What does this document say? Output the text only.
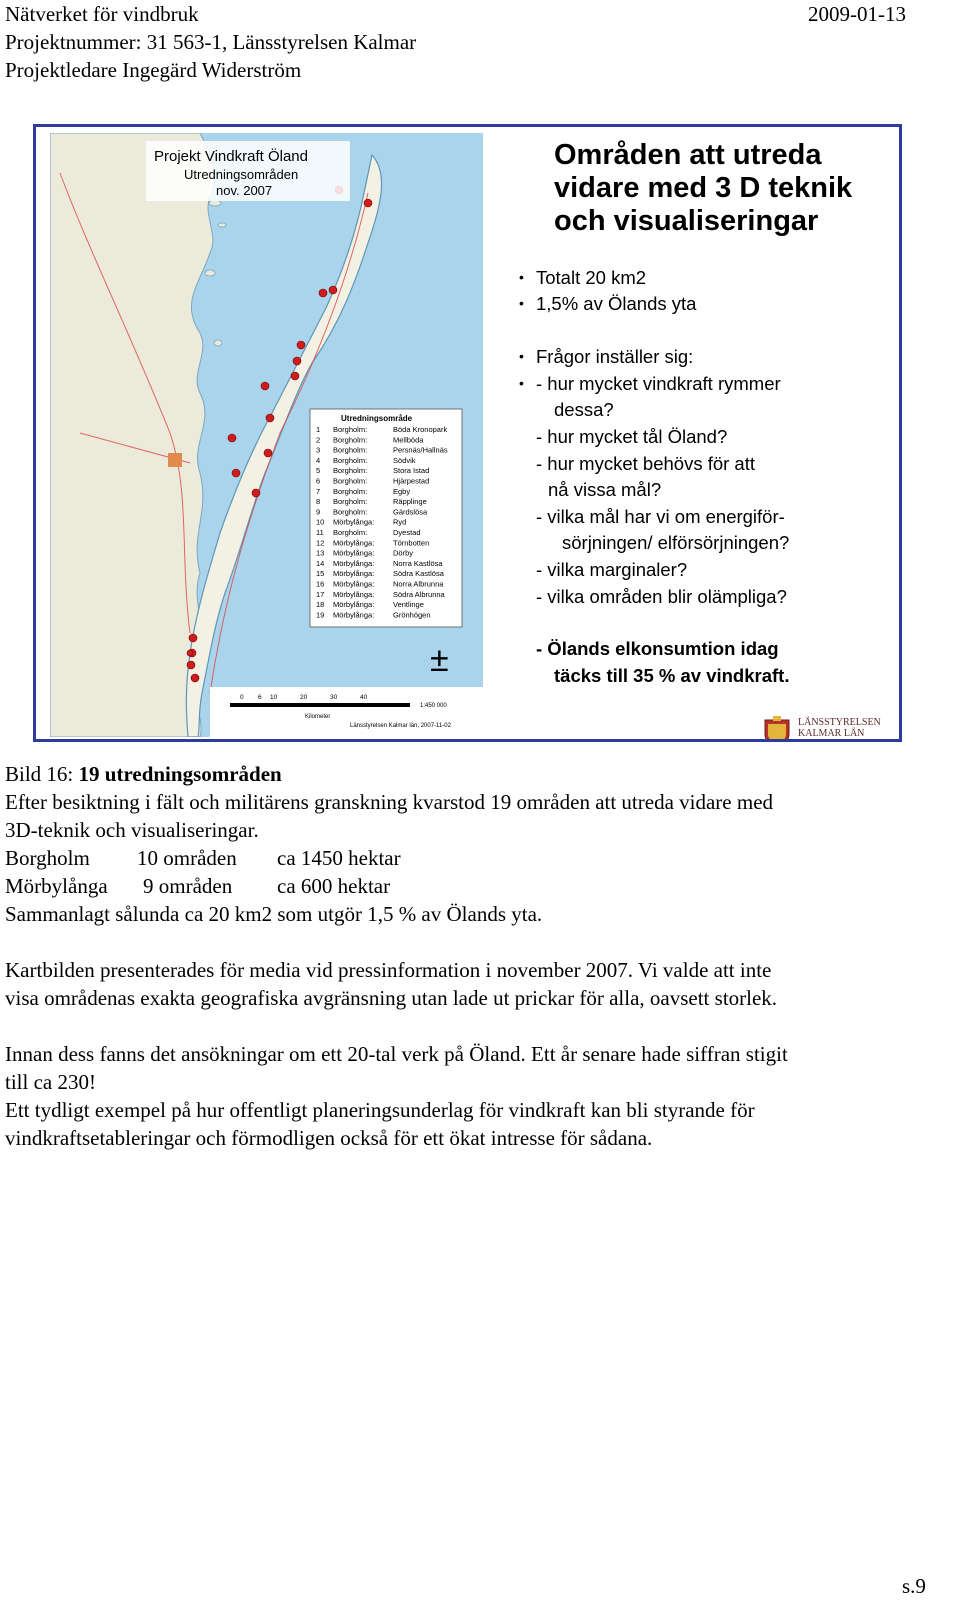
Nätverket för vindbruk	2009-01-13
Projektnummer: 31 563-1, Länsstyrelsen Kalmar
Projektledare Ingegärd Widerström
Projekt Vindkraft Öland
Utredningsområden
nov. 2007
Utredningsområde
1 Borgholm:	Böda Kronopark
2 Borgholm:	Mellböda
3 Borgholm:	Persnäs/Hallnäs
4 Borgholm:	Södvik
5 Borgholm:	Stora Istad
6 Borgholm:	Hjärpestad
7 Borgholm:	Egby
8 Borgholm:	Räpplinge
9 Borgholm:	Gärdslösa
10 Mörbylånga: Ryd
11 Borgholm:	Dyestad
12 Mörbylånga: Törnbotten
13 Mörbylånga: Dörby
14 Mörbylånga: Norra Kastlösa
15 Mörbylånga: Södra Kastlösa
16 Mörbylånga: Norra Albrunna
17 Mörbylånga: Södra Albrunna
18 Mörbylånga: Ventlinge
19 Mörbylånga: Grönhögen
±
0 6 10	20	30	40
1:450 000
Kilometer
Länsstyrelsen Kalmar län, 2007-11-02
Områden att utreda vidare med 3 D teknik och visualiseringar
•
•
•
•
Totalt 20 km2
1,5% av Ölands yta
Frågor inställer sig:
- hur mycket vindkraft rymmer
dessa?
- hur mycket tål Öland?
- hur mycket behövs för att
nå vissa mål?
- vilka mål har vi om energiför-
sörjningen/ elförsörjningen?
- vilka marginaler?
- vilka områden blir olämpliga?
- Ölands elkonsumtion idag
täcks till 35 % av vindkraft.
LÄNSSTYRELSEN
KALMAR LÄN
Bild 16: 19 utredningsområden
Efter besiktning i fält och militärens granskning kvarstod 19 områden att utreda vidare med
3D-teknik och visualiseringar.
Borgholm 10 områden ca 1450 hektar
Mörbylånga 9 områden ca 600 hektar
Sammanlagt sålunda ca 20 km2 som utgör 1,5 % av Ölands yta.
Kartbilden presenterades för media vid pressinformation i november 2007. Vi valde att inte
visa områdenas exakta geografiska avgränsning utan lade ut prickar för alla, oavsett storlek.
Innan dess fanns det ansökningar om ett 20-tal verk på Öland. Ett år senare hade siffran stigit
till ca 230!
Ett tydligt exempel på hur offentligt planeringsunderlag för vindkraft kan bli styrande för
vindkraftsetableringar och förmodligen också för ett ökat intresse för sådana.
s.9
